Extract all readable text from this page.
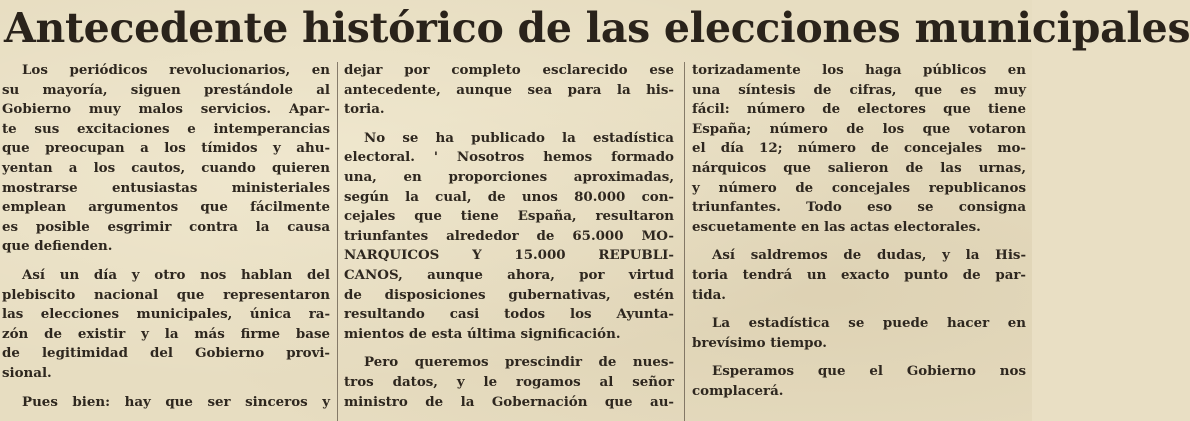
Antecedente histórico de las elecciones municipales

Los periódicos revolucionarios, en
su mayoría, siguen prestándole al
Gobierno muy malos servicios. Apar-
te sus excitaciones e intemperancias
que preocupan a los tímidos y ahu-
yentan a los cautos, cuando quieren
mostrarse entusiastas ministeriales
emplean argumentos que fácilmente
es posible esgrimir contra la causa
que defienden.

Así un día y otro nos hablan del
plebiscito nacional que representaron
las elecciones municipales, única ra-
zón de existir y la más firme base
de legitimidad del Gobierno provi-
sional.

Pues bien: hay que ser sinceros y

dejar por completo esclarecido ese
antecedente, aunque sea para la his-
toria.

No se ha publicado la estadística
electoral. ' Nosotros hemos formado
una, en proporciones aproximadas,
según la cual, de unos 80.000 con-
cejales que tiene España, resultaron
triunfantes alrededor de 65.000 MO-
NARQUICOS Y 15.000 REPUBLI-
CANOS, aunque ahora, por virtud
de disposiciones gubernativas, estén
resultando casi todos los Ayunta-
mientos de esta última significación.

Pero queremos prescindir de nues-
tros datos, y le rogamos al señor
ministro de la Gobernación que au-

torizadamente los haga públicos en
una síntesis de cifras, que es muy
fácil: número de electores que tiene
España; número de los que votaron
el día 12; número de concejales mo-
nárquicos que salieron de las urnas,
y número de concejales republicanos
triunfantes. Todo eso se consigna
escuetamente en las actas electorales.

Así saldremos de dudas, y la His-
toria tendrá un exacto punto de par-
tida.

La estadística se puede hacer en
brevísimo tiempo.

Esperamos que el Gobierno nos
complacerá.
